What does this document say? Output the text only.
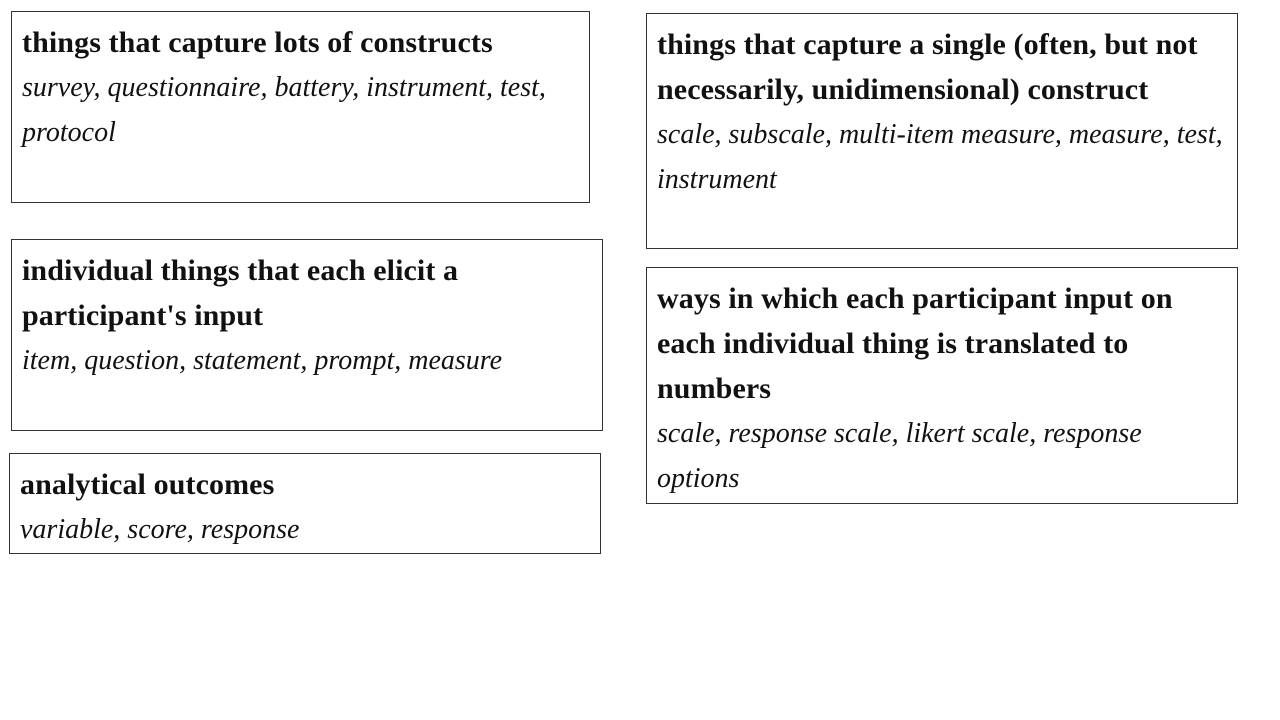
things that capture lots of constructs
survey, questionnaire, battery, instrument, test, protocol
things that capture a single (often, but not necessarily, unidimensional) construct
scale, subscale, multi-item measure, measure, test, instrument
individual things that each elicit a participant's input
item, question, statement, prompt, measure
ways in which each participant input on each individual thing is translated to numbers
scale, response scale, likert scale, response options
analytical outcomes
variable, score, response
